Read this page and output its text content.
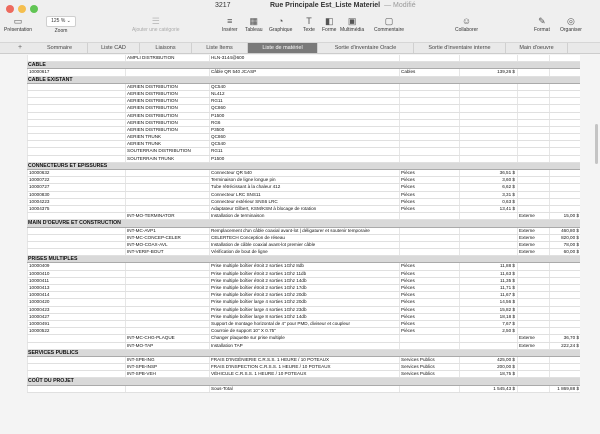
3217	Rue Principale Est_Liste Materiel — Modifié
▭
Présentation
125 % ⌄
Zoom
☰
Ajouter une catégorie
≡
Insérer
▦
Tableau
◔
Graphique
T
Texte
◧
Forme
▣
Multimédia
▢
Commentaire
☺
Collaborer
✎
Format
◎
Organiser
+	Sommaire	Liste CAD	Liaisons	Liste Items	Liste de matériel	Sortie d'inventaire Oracle	Sortie d'inventaire interne	Main d'oeuvre
AMPLI DISTRIBUTION	HLN-3144@600
CABLE
10000617	Câble QR 540 JCASP	Cables	139,26 $
CABLE EXISTANT
AERIEN DISTRIBUTION	QC540
AERIEN DISTRIBUTION	NL412
AERIEN DISTRIBUTION	RG11
AERIEN DISTRIBUTION	QC860
AERIEN DISTRIBUTION	P1500
AERIEN DISTRIBUTION	RG6
AERIEN DISTRIBUTION	P3500
AERIEN TRUNK	QC860
AERIEN TRUNK	QC540
SOUTERRAIN DISTRIBUTION	RG11
SOUTERRAIN TRUNK	P1500
CONNECTEURS ET EPISSURES
10000632	Connecteur QR 540	Pièces	36,51 $
10000722	Terminaison de ligne longue pin	Pièces	3,60 $
10000727	Tube rétrécissant à la chaleur 412	Pièces	6,62 $
10000830	Connecteur LRC SNS11	Pièces	3,31 $
10004223	Connecteur extérieur SNS6 LRC	Pièces	0,63 $
10004375	Adaptateur Gilbert, KSM/KSM à blocage de rotation	Pièces	13,41 $
INT-MO-TERMINATOR	Installation de terminaison	Externe	15,00 $
MAIN D'OEUVRE ET CONSTRUCTION
INT-MC-AVP1	Remplacement d'un câble coaxial avant-lot | déligaturer et soutenir temporaire	Externe	460,80 $
INT-MC-CONCEP-CELER	CELERTECH Conception de réseau	Externe	820,00 $
INT-MO-COAX-AVL	Installation de câble coaxial avant-lot premier câble	Externe	78,00 $
INT-VERIF-BOUT	Vérification de bout de ligne	Externe	60,00 $
PRISES MULTIPLES
10000409	Prise multiple boîtier étroit 2 sorties 1Ghz 8db	Pièces	11,88 $
10000410	Prise multiple boîtier étroit 2 sorties 1Ghz 11db	Pièces	11,63 $
10000411	Prise multiple boîtier étroit 2 sorties 1Ghz 14db	Pièces	11,35 $
10000413	Prise multiple boîtier étroit 2 sorties 1Ghz 17db	Pièces	11,71 $
10000414	Prise multiple boîtier étroit 2 sorties 1Ghz 20db	Pièces	11,67 $
10000420	Prise multiple boîtier large 4 sorties 1Ghz 20db	Pièces	14,56 $
10000423	Prise multiple boîtier large 4 sorties 1Ghz 23db	Pièces	15,82 $
10000427	Prise multiple boîtier large 8 sorties 1Ghz 14db	Pièces	18,18 $
10000491	Support de montage horizontal de 4" pour PMD, diviseur et coupleur	Pièces	7,67 $
10000522	Courroie de support 10" X 0.75"	Pièces	2,50 $
INT-MC-CHG-PLAQUE	Changer plaquette sur prise multiple	Externe	36,70 $
INT-MO-TAP	Installation TAP	Externe	222,24 $
SERVICES PUBLICS
INT-SPB-ING	FRAIS D'INGÉNIERIE C.R.S.S. 1 HEURE / 10 POTEAUX	Services Publics	425,00 $
INT-SPB-INSP	FRAIS D'INSPECTION C.R.S.S. 1 HEURE / 10 POTEAUX	Services Publics	200,00 $
INT-SPB-VEH	VÉHICULE C.R.S.S. 1 HEURE / 10 POTEAUX	Services Publics	18,75 $
COÛT DU PROJET
Sous-Total	1 545,43 $	1 869,88 $
